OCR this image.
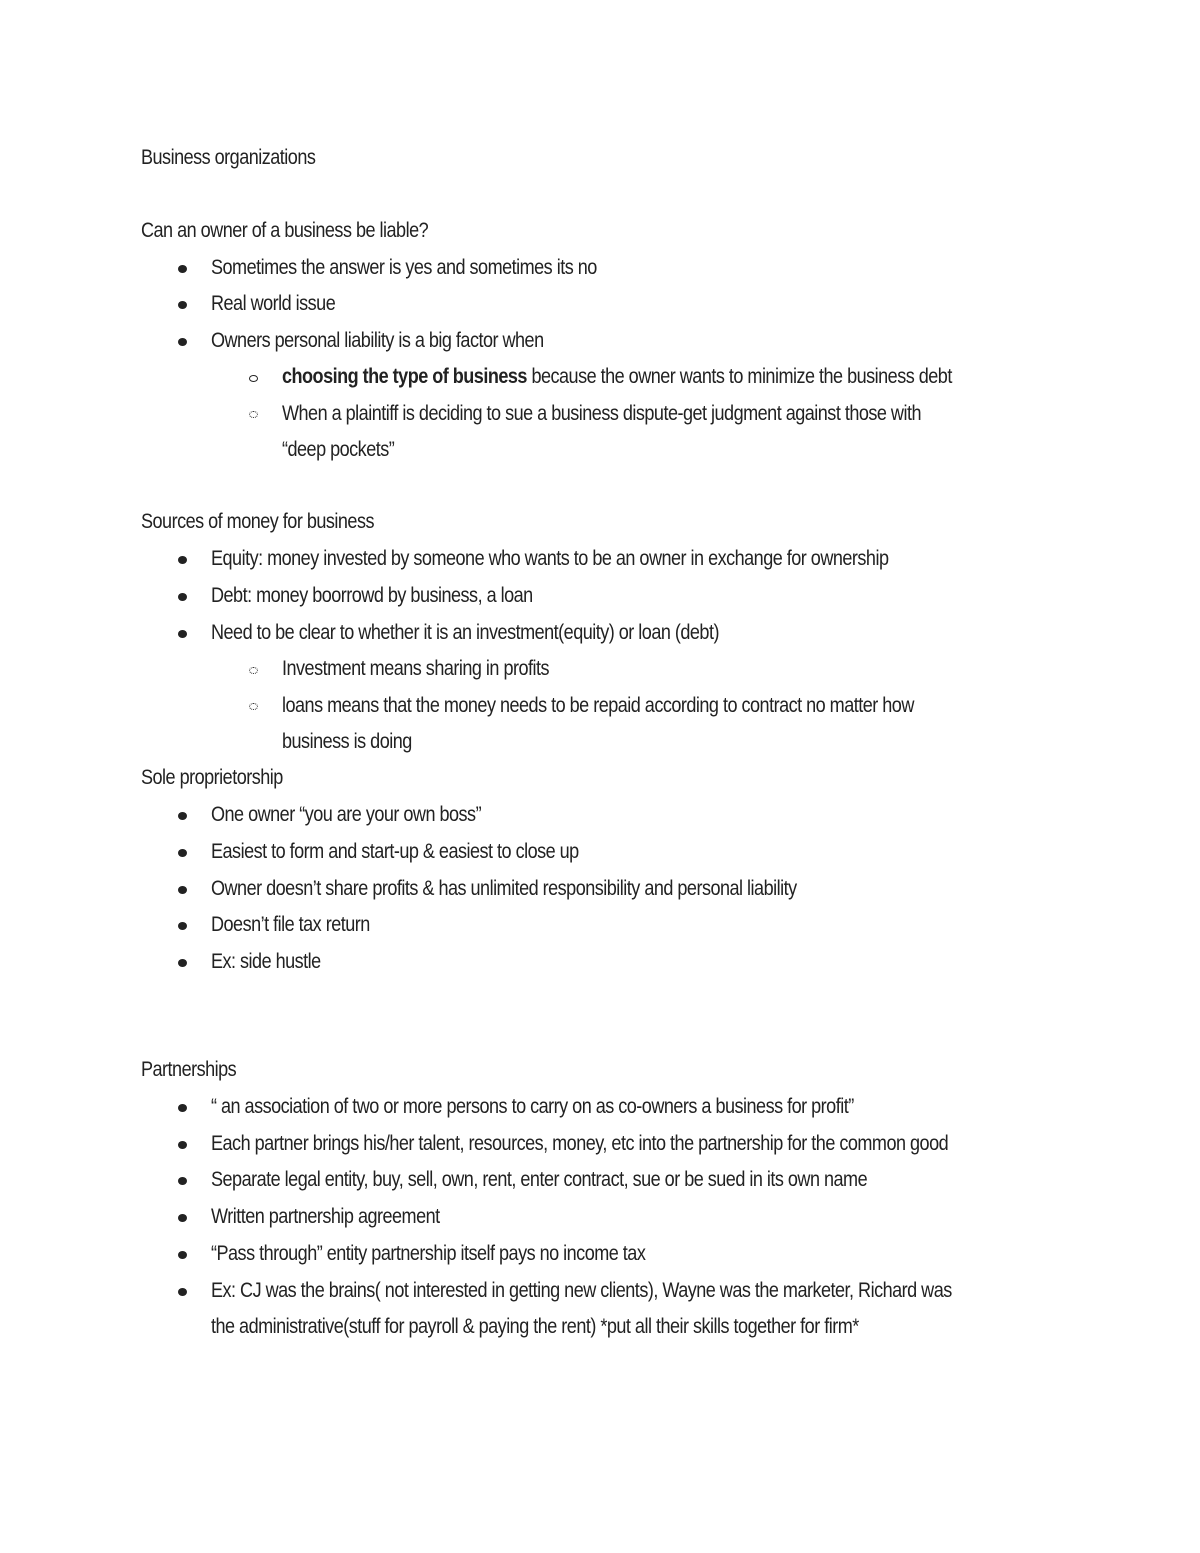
Business organizations
Can an owner of a business be liable?
Sometimes the answer is yes and sometimes its no
Real world issue
Owners personal liability is a big factor when
choosing the type of business because the owner wants to minimize the business debt
When a plaintiff is deciding to sue a business dispute-get judgment against those with
“deep pockets”
Sources of money for business
Equity: money invested by someone who wants to be an owner in exchange for ownership
Debt: money boorrowd by business, a loan
Need to be clear to whether it is an investment(equity) or loan (debt)
Investment means sharing in profits
loans means that the money needs to be repaid according to contract no matter how
business is doing
Sole proprietorship
One owner “you are your own boss”
Easiest to form and start-up & easiest to close up
Owner doesn’t share profits & has unlimited responsibility and personal liability
Doesn’t file tax return
Ex: side hustle
Partnerships
“ an association of two or more persons to carry on as co-owners a business for profit”
Each partner brings his/her talent, resources, money, etc into the partnership for the common good
Separate legal entity, buy, sell, own, rent, enter contract, sue or be sued in its own name
Written partnership agreement
“Pass through” entity partnership itself pays no income tax
Ex: CJ was the brains( not interested in getting new clients), Wayne was the marketer, Richard was
the administrative(stuff for payroll & paying the rent) *put all their skills together for firm*
